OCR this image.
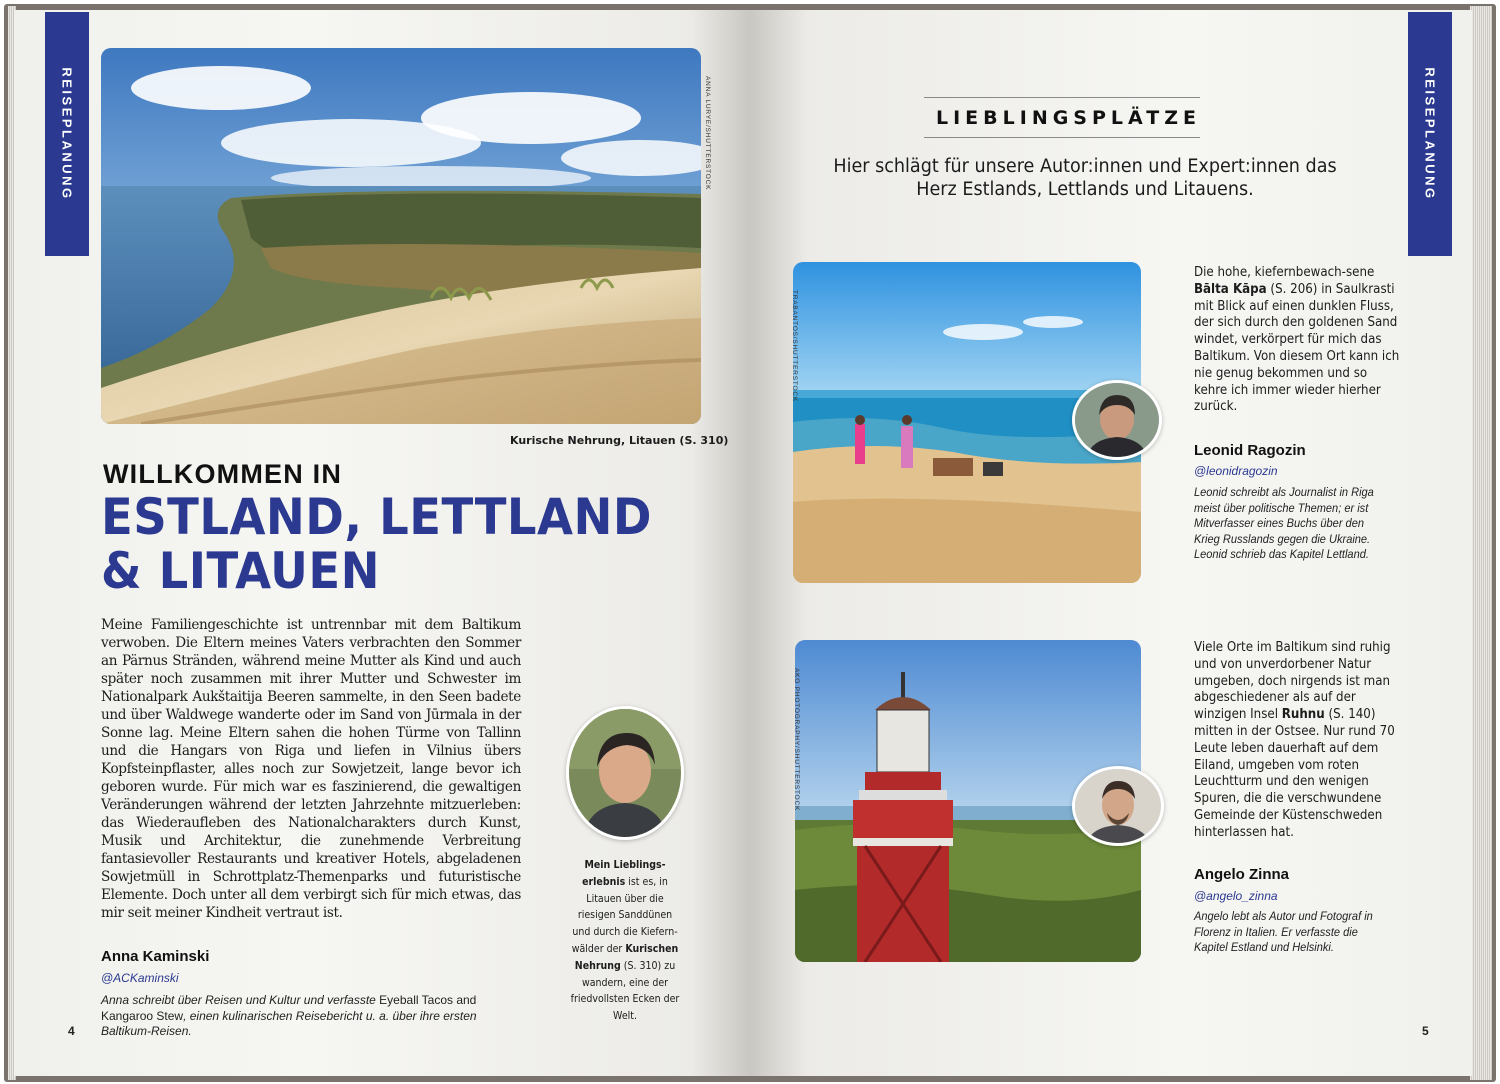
REISEPLANUNG	ANNA LURYE/SHUTTERSTOCK
Kurische Nehrung, Litauen (S. 310)
WILLKOMMEN IN
ESTLAND, LETTLAND
& LITAUEN
Meine Familiengeschichte ist untrennbar mit dem Baltikum verwoben. Die Eltern meines Vaters verbrachten den Sommer an Pärnus Stränden, während meine Mutter als Kind und auch später noch zusammen mit ihrer Mutter und Schwester im Nationalpark Aukštaitija Beeren sammelte, in den Seen badete und über Waldwege wanderte oder im Sand von Jūrmala in der Sonne lag. Meine Eltern sahen die hohen Türme von Tallinn und die Hangars von Riga und liefen in Vilnius übers Kopfsteinpflaster, alles noch zur Sowjetzeit, lange bevor ich geboren wurde. Für mich war es faszinierend, die gewaltigen Veränderungen während der letzten Jahrzehnte mitzuerleben: das Wiederaufleben des Nationalcharakters durch Kunst, Musik und Architektur, die zunehmende Verbreitung fantasievoller Restaurants und kreativer Hotels, abgeladenen Sowjetmüll in Schrottplatz-Themenparks und futuristische Elemente. Doch unter all dem verbirgt sich für mich etwas, das mir seit meiner Kindheit vertraut ist.
Anna Kaminski
@ACKaminski
Anna schreibt über Reisen und Kultur und verfasste Eyeball Tacos and Kangaroo Stew, einen kulinarischen Reisebericht u. a. über ihre ersten Baltikum-Reisen.
Mein Lieblings-erlebnis ist es, in Litauen über die riesigen Sanddünen und durch die Kiefern-wälder der Kurischen Nehrung (S. 310) zu wandern, eine der friedvollsten Ecken der Welt.
4
REISEPLANUNG
LIEBLINGSPLÄTZE
Hier schlägt für unsere Autor:innen und Expert:innen das Herz Estlands, Lettlands und Litauens.
TRABANTOS/SHUTTERSTOCK
Die hohe, kiefernbewach-sene Bālta Kāpa (S. 206) in Saulkrasti mit Blick auf einen dunklen Fluss, der sich durch den goldenen Sand windet, verkörpert für mich das Baltikum. Von diesem Ort kann ich nie genug bekommen und so kehre ich immer wieder hierher zurück.
Leonid Ragozin
@leonidragozin
Leonid schreibt als Journalist in Riga meist über politische Themen; er ist Mitverfasser eines Buchs über den Krieg Russlands gegen die Ukraine. Leonid schrieb das Kapitel Lettland.
AKO PHOTOGRAPHY/SHUTTERSTOCK
Viele Orte im Baltikum sind ruhig und von unverdorbener Natur umgeben, doch nirgends ist man abgeschiedener als auf der winzigen Insel Ruhnu (S. 140) mitten in der Ostsee. Nur rund 70 Leute leben dauerhaft auf dem Eiland, umgeben vom roten Leuchtturm und den wenigen Spuren, die die verschwundene Gemeinde der Küstenschweden hinterlassen hat.
Angelo Zinna
@angelo_zinna
Angelo lebt als Autor und Fotograf in Florenz in Italien. Er verfasste die Kapitel Estland und Helsinki.
5
